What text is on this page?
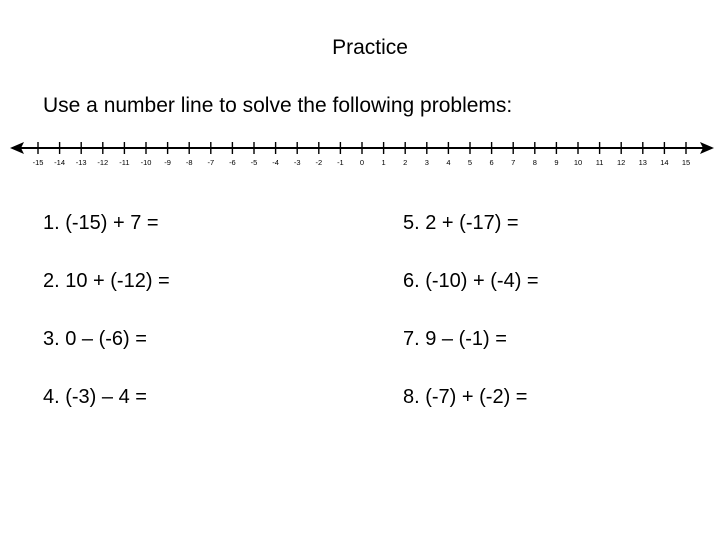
Practice
Use a number line to solve the following problems:
-15 -14 -13 -12 -11 -10 -9 -8 -7 -6 -5 -4 -3 -2 -1 0 1 2 3 4 5 6 7 8 9 10 11 12 13 14 15
1. (-15) + 7 =
2. 10 + (-12) =
3. 0 – (-6) =
4. (-3) – 4 =
5. 2 + (-17) =
6. (-10) + (-4) =
7. 9 – (-1) =
8. (-7) + (-2) =
